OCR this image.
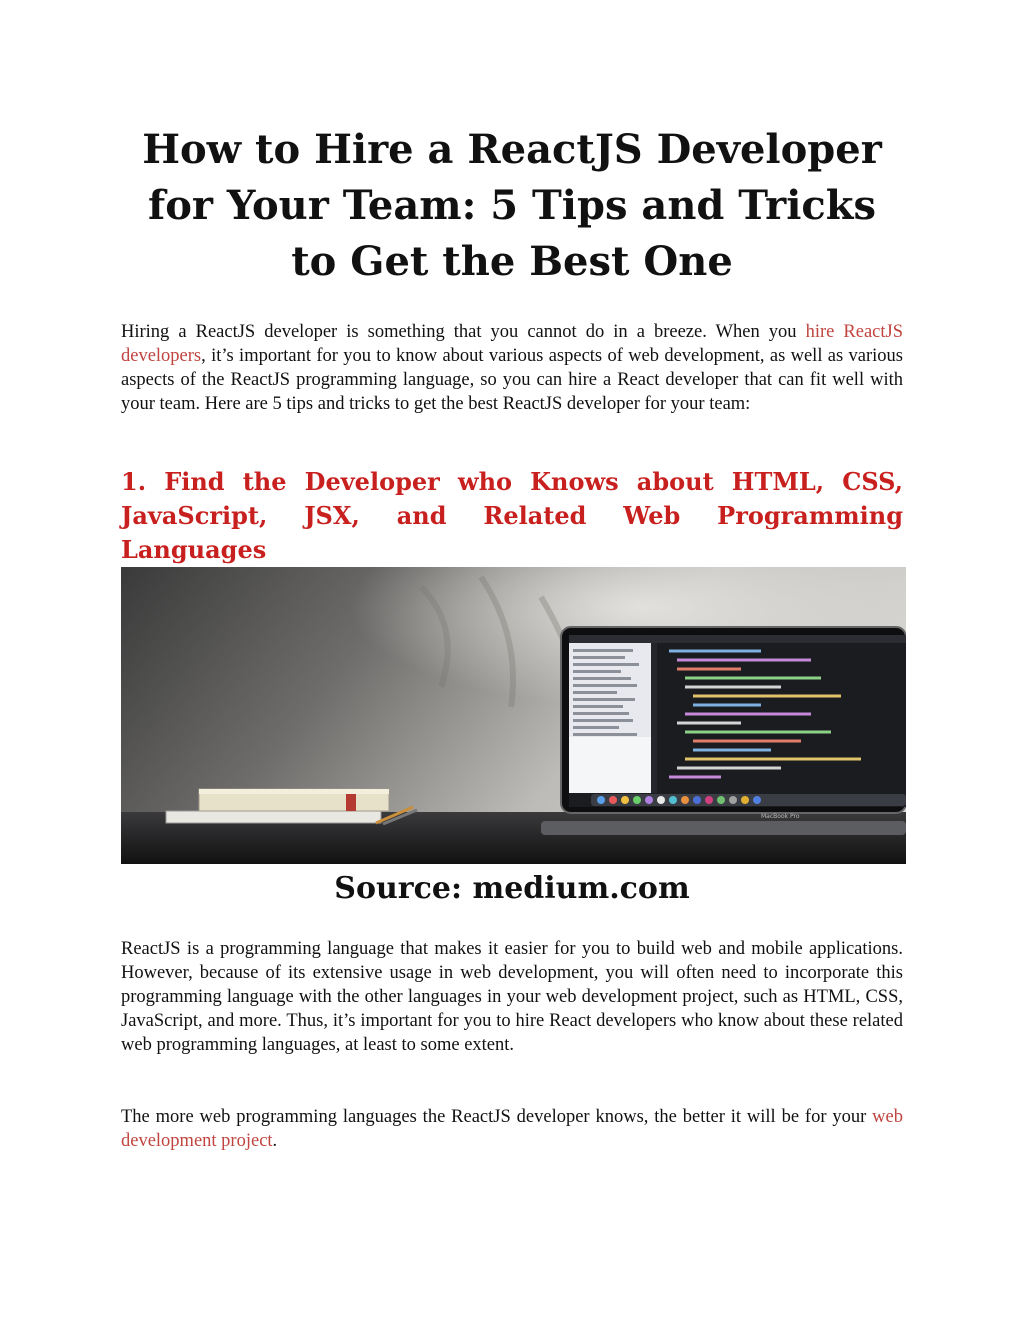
How to Hire a ReactJS Developer
for Your Team: 5 Tips and Tricks
to Get the Best One

Hiring a ReactJS developer is something that you cannot do in a breeze. When you hire ReactJS developers, it’s important for you to know about various aspects of web development, as well as various aspects of the ReactJS programming language, so you can hire a React developer that can fit well with your team. Here are 5 tips and tricks to get the best ReactJS developer for your team:

1. Find the Developer who Knows about HTML, CSS,
JavaScript, JSX, and Related Web Programming
Languages
MacBook Pro

Source: medium.com

ReactJS is a programming language that makes it easier for you to build web and mobile applications. However, because of its extensive usage in web development, you will often need to incorporate this programming language with the other languages in your web development project, such as HTML, CSS, JavaScript, and more. Thus, it’s important for you to hire React developers who know about these related web programming languages, at least to some extent.

The more web programming languages the ReactJS developer knows, the better it will be for your web development project.
